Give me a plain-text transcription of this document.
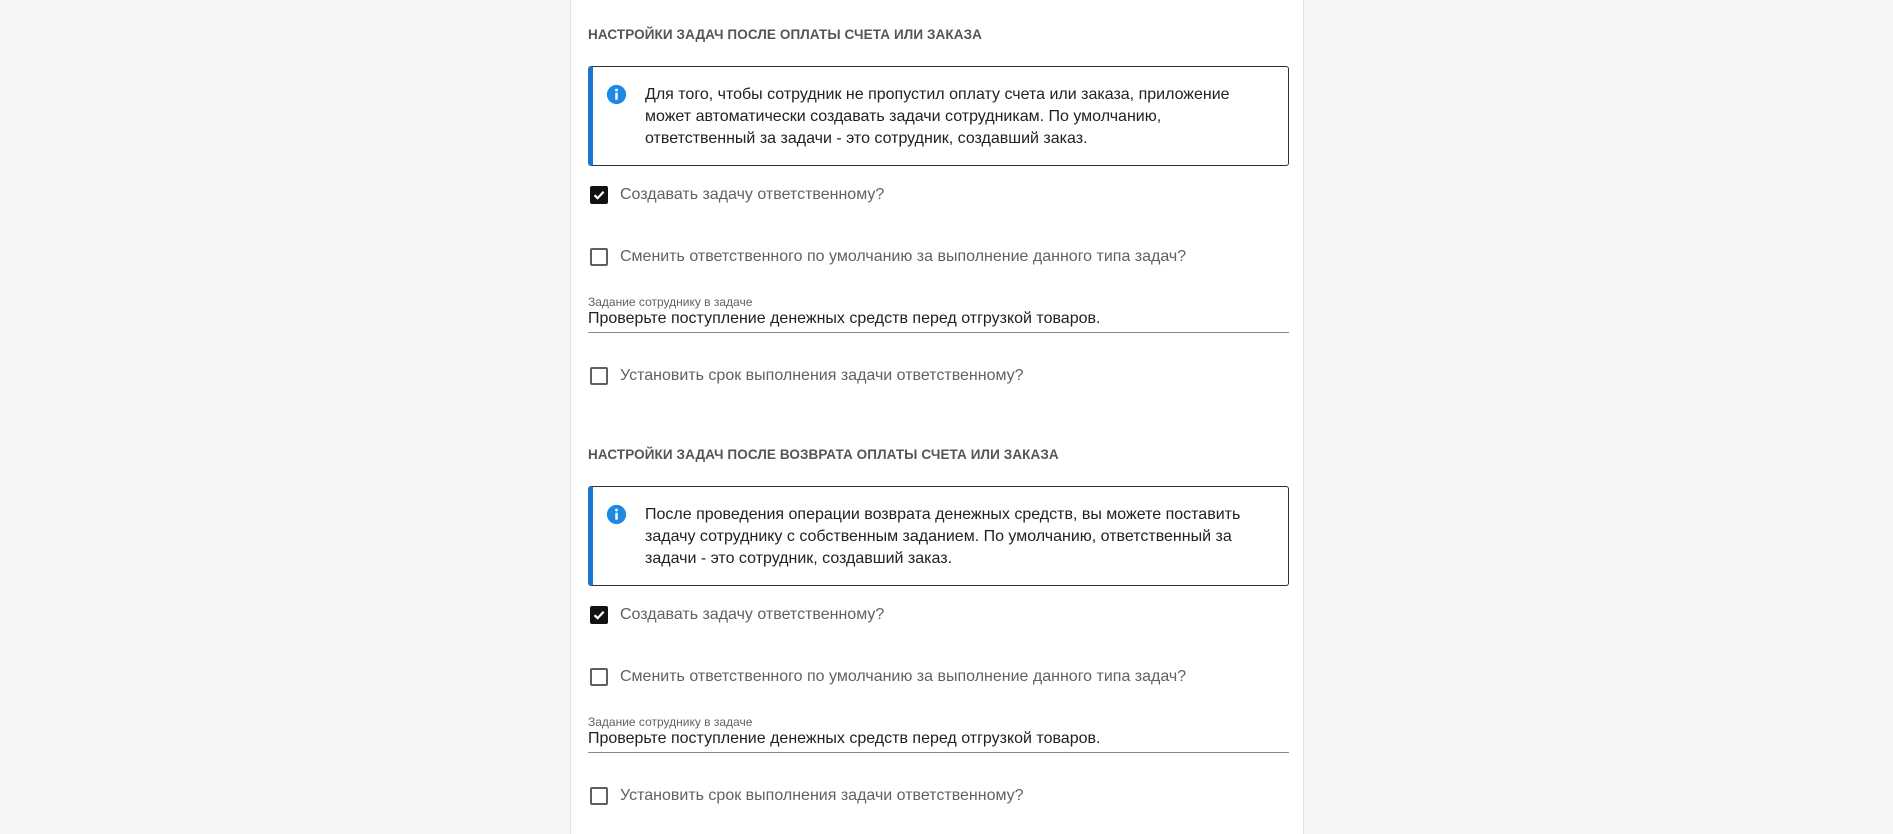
НАСТРОЙКИ ЗАДАЧ ПОСЛЕ ОПЛАТЫ СЧЕТА ИЛИ ЗАКАЗА
Для того, чтобы сотрудник не пропустил оплату счета или заказа, приложение может автоматически создавать задачи сотрудникам. По умолчанию, ответственный за задачи - это сотрудник, создавший заказ.
Создавать задачу ответственному?
Сменить ответственного по умолчанию за выполнение данного типа задач?
Задание сотруднику в задаче
Проверьте поступление денежных средств перед отгрузкой товаров.
Установить срок выполнения задачи ответственному?
НАСТРОЙКИ ЗАДАЧ ПОСЛЕ ВОЗВРАТА ОПЛАТЫ СЧЕТА ИЛИ ЗАКАЗА
После проведения операции возврата денежных средств, вы можете поставить задачу сотруднику с собственным заданием. По умолчанию, ответственный за задачи - это сотрудник, создавший заказ.
Создавать задачу ответственному?
Сменить ответственного по умолчанию за выполнение данного типа задач?
Задание сотруднику в задаче
Проверьте поступление денежных средств перед отгрузкой товаров.
Установить срок выполнения задачи ответственному?
